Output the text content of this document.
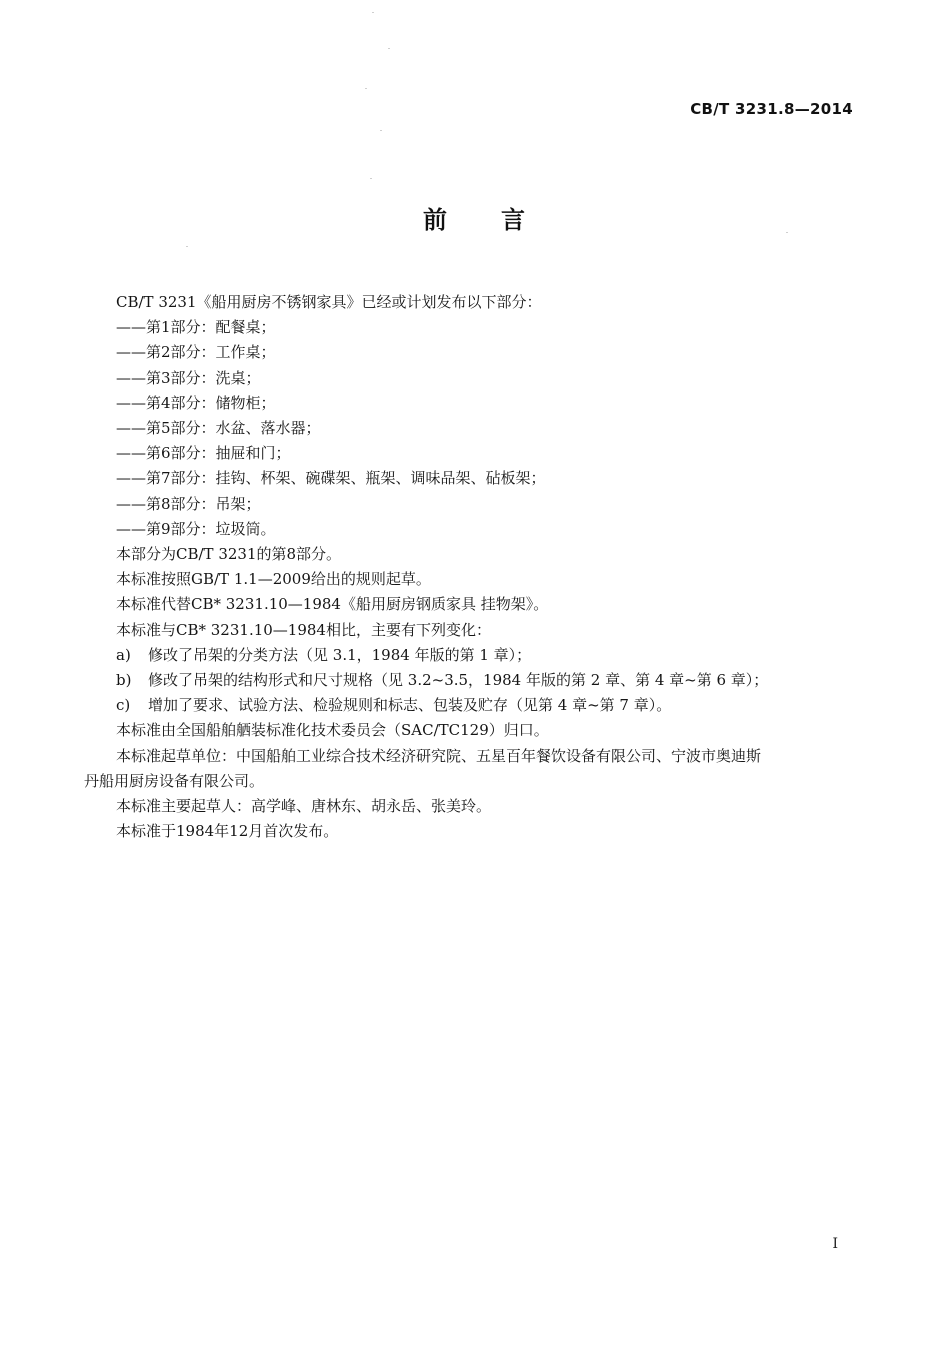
CB/T 3231.8—2014
前 言
CB/T 3231《船用厨房不锈钢家具》已经或计划发布以下部分：
——第1部分：配餐桌；
——第2部分：工作桌；
——第3部分：洗桌；
——第4部分：储物柜；
——第5部分：水盆、落水器；
——第6部分：抽屉和门；
——第7部分：挂钩、杯架、碗碟架、瓶架、调味品架、砧板架；
——第8部分：吊架；
——第9部分：垃圾筒。
本部分为CB/T 3231的第8部分。
本标准按照GB/T 1.1—2009给出的规则起草。
本标准代替CB* 3231.10—1984《船用厨房钢质家具 挂物架》。
本标准与CB* 3231.10—1984相比，主要有下列变化：
a) 修改了吊架的分类方法（见 3.1，1984 年版的第 1 章）；
b) 修改了吊架的结构形式和尺寸规格（见 3.2~3.5，1984 年版的第 2 章、第 4 章~第 6 章）；
c) 增加了要求、试验方法、检验规则和标志、包装及贮存（见第 4 章~第 7 章）。
本标准由全国船舶舾装标准化技术委员会（SAC/TC129）归口。
本标准起草单位：中国船舶工业综合技术经济研究院、五星百年餐饮设备有限公司、宁波市奥迪斯
丹船用厨房设备有限公司。
本标准主要起草人：高学峰、唐林东、胡永岳、张美玲。
本标准于1984年12月首次发布。
I
